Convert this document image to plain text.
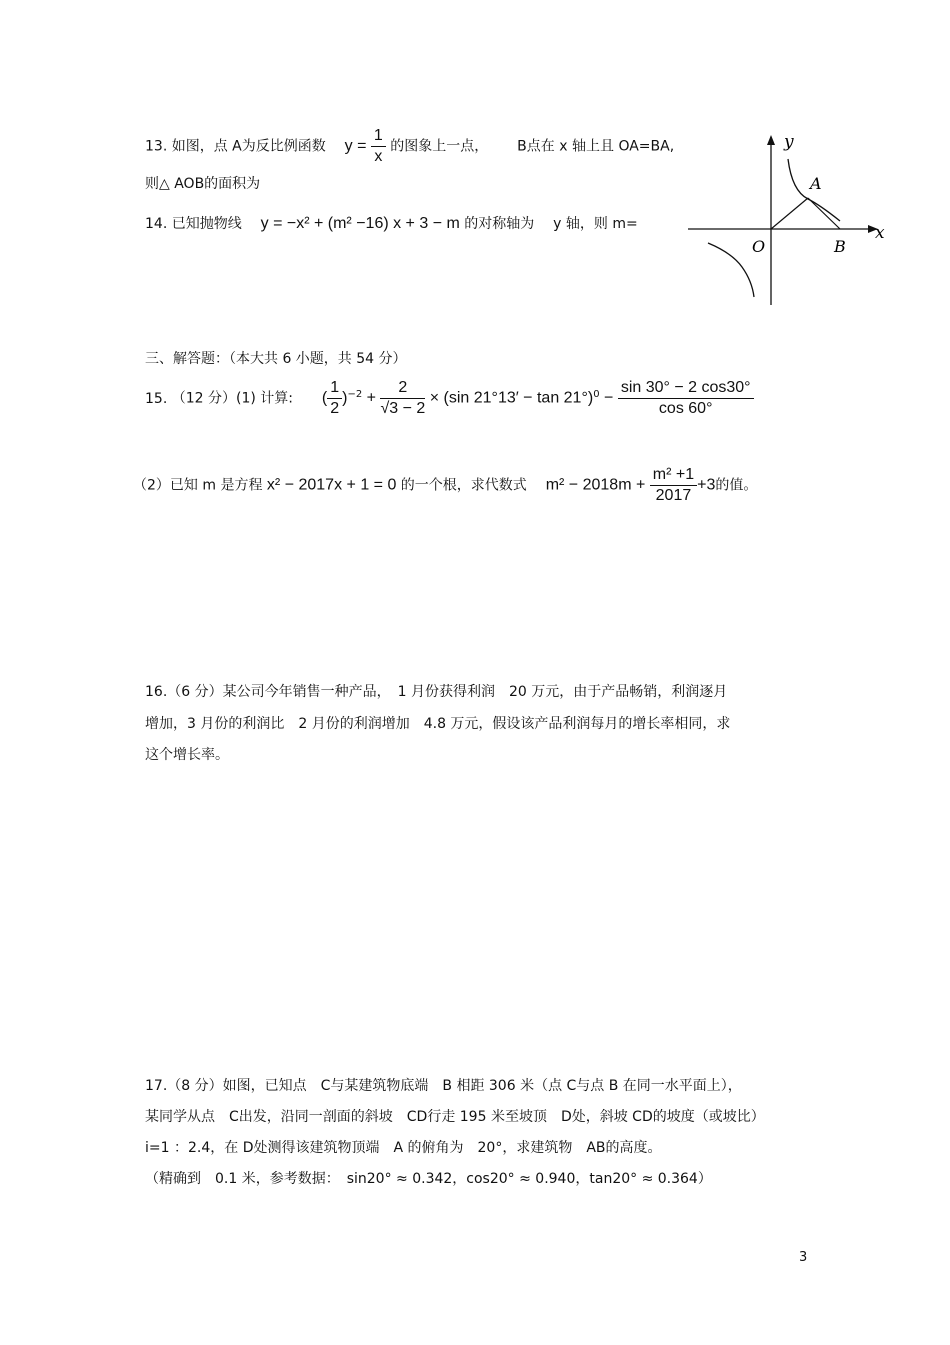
13. 如图，点 A为反比例函数 $y = \frac{1}{x}$ 的图象上一点， B点在 x 轴上且 OA=BA,
则△ AOB的面积为
14. 已知抛物线 y = −x² + (m² −16) x + 3 − m 的对称轴为 y 轴，则 m=
y
x
O
A
B
三、解答题：（本大共 6 小题，共 54 分）
15. （12 分）(1) 计算: ( $\frac{1}{2} )^{-2} + \frac{2}{√3 - 2} \times (\sin$ $21^\circ 13' - \tan 21^\circ)^0 - \frac{\sin 30^\circ - 2 \cos 30^\circ}{\cos 60^\circ}$
（2）已知 m 是方程 x² − 2017x + 1 = 0 的一个根，求代数式 $m^2 - 2018m + \frac{\text{m² +1}}{2017} +3$的值。
16.（6 分）某公司今年销售一种产品，　1 月份获得利润　20 万元，由于产品畅销，利润逐月
增加，3 月份的利润比　2 月份的利润增加　4.8 万元，假设该产品利润每月的增长率相同，求
这个增长率。
17.（8 分）如图，已知点　C与某建筑物底端　B 相距 306 米（点 C与点 B 在同一水平面上），
某同学从点　C出发，沿同一剖面的斜坡　CD行走 195 米至坡顶　D处，斜坡 CD的坡度（或坡比）
i=1 ：2.4，在 D处测得该建筑物顶端　A 的俯角为　20°，求建筑物　AB的高度。
（精确到　0.1 米，参考数据：　sin20° ≈ 0.342，cos20° ≈ 0.940，tan20° ≈ 0.364）
3
